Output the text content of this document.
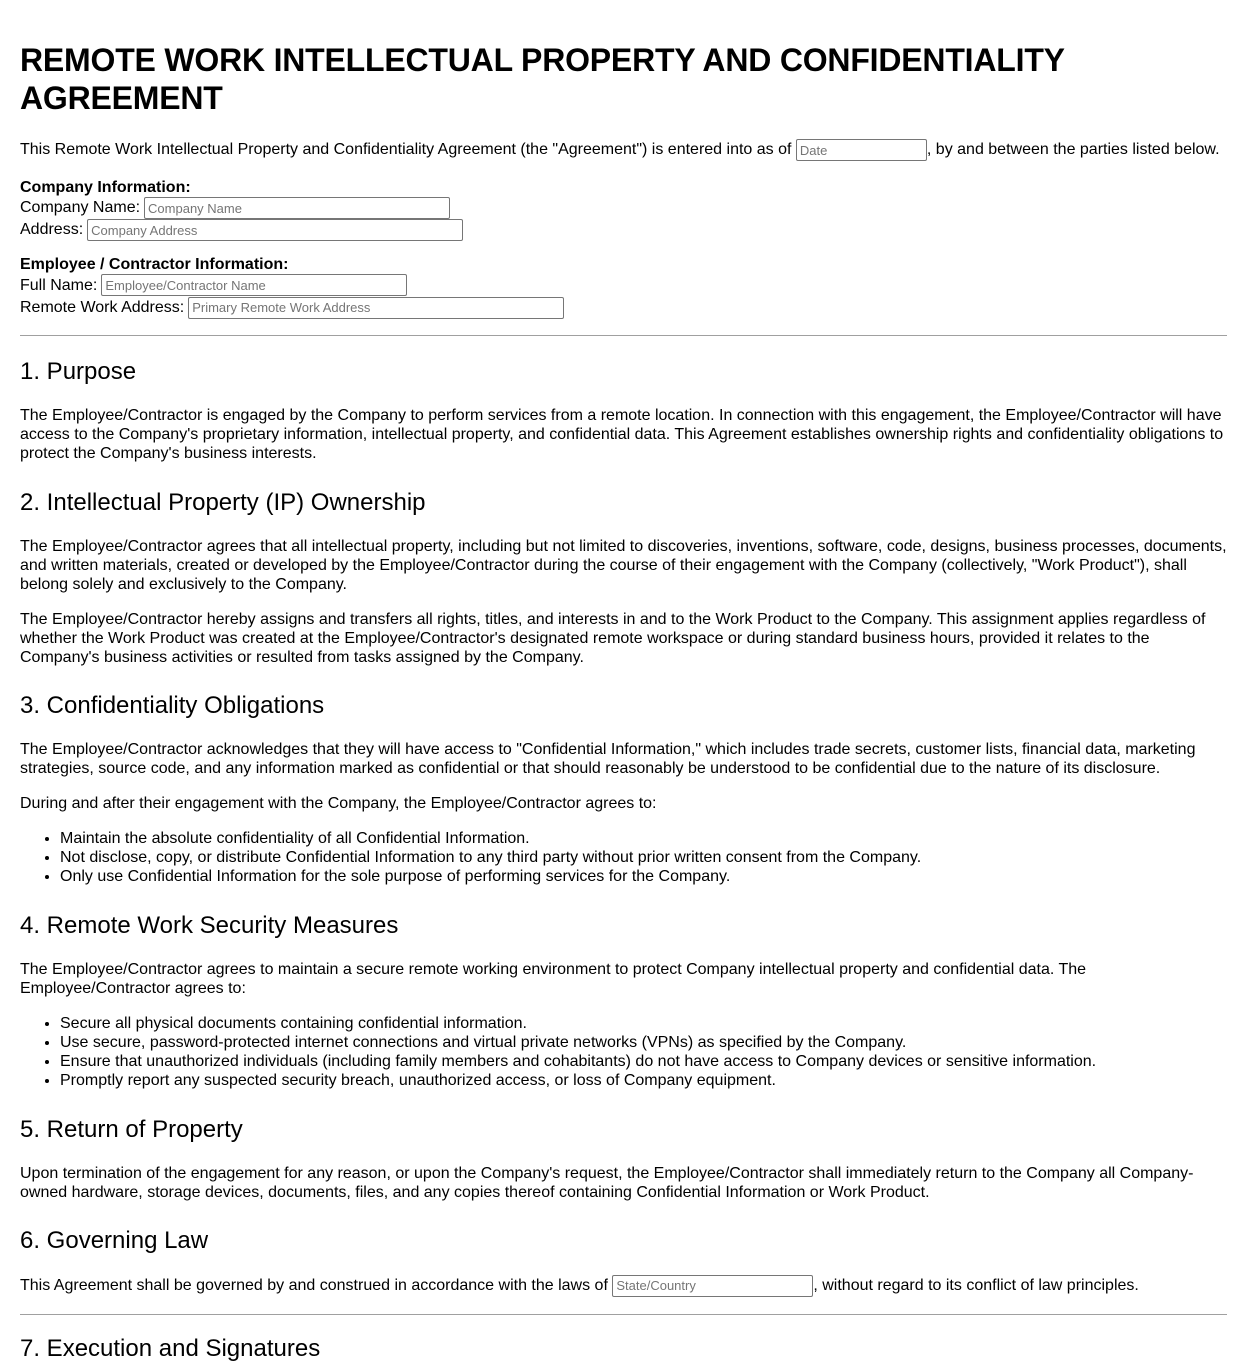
REMOTE WORK INTELLECTUAL PROPERTY AND CONFIDENTIALITY AGREEMENT

This Remote Work Intellectual Property and Confidentiality Agreement (the "Agreement") is entered into as of Date	, by and between the parties listed below.

Company Information:
Company Name:Company Name
Address:Company Address
Employee / Contractor Information:
Full Name:Employee/Contractor Name
Remote Work Address:Primary Remote Work Address
1. Purpose

The Employee/Contractor is engaged by the Company to perform services from a remote location. In connection with this engagement, the Employee/Contractor will have access to the Company's proprietary information, intellectual property, and confidential data. This Agreement establishes ownership rights and confidentiality obligations to protect the Company's business interests.

2. Intellectual Property (IP) Ownership

The Employee/Contractor agrees that all intellectual property, including but not limited to discoveries, inventions, software, code, designs, business processes, documents, and written materials, created or developed by the Employee/Contractor during the course of their engagement with the Company (collectively, "Work Product"), shall belong solely and exclusively to the Company.

The Employee/Contractor hereby assigns and transfers all rights, titles, and interests in and to the Work Product to the Company. This assignment applies regardless of whether the Work Product was created at the Employee/Contractor's designated remote workspace or during standard business hours, provided it relates to the Company's business activities or resulted from tasks assigned by the Company.

3. Confidentiality Obligations

The Employee/Contractor acknowledges that they will have access to "Confidential Information," which includes trade secrets, customer lists, financial data, marketing strategies, source code, and any information marked as confidential or that should reasonably be understood to be confidential due to the nature of its disclosure.

During and after their engagement with the Company, the Employee/Contractor agrees to:

• Maintain the absolute confidentiality of all Confidential Information.
• Not disclose, copy, or distribute Confidential Information to any third party without prior written consent from the Company.
• Only use Confidential Information for the sole purpose of performing services for the Company.
4. Remote Work Security Measures

The Employee/Contractor agrees to maintain a secure remote working environment to protect Company intellectual property and confidential data. The Employee/Contractor agrees to:

• Secure all physical documents containing confidential information.
• Use secure, password-protected internet connections and virtual private networks (VPNs) as specified by the Company.
• Ensure that unauthorized individuals (including family members and cohabitants) do not have access to Company devices or sensitive information.
• Promptly report any suspected security breach, unauthorized access, or loss of Company equipment.
5. Return of Property

Upon termination of the engagement for any reason, or upon the Company's request, the Employee/Contractor shall immediately return to the Company all Company-owned hardware, storage devices, documents, files, and any copies thereof containing Confidential Information or Work Product.

6. Governing Law

This Agreement shall be governed by and construed in accordance with the laws of State/Country	, without regard to its conflict of law principles.

7. Execution and Signatures
